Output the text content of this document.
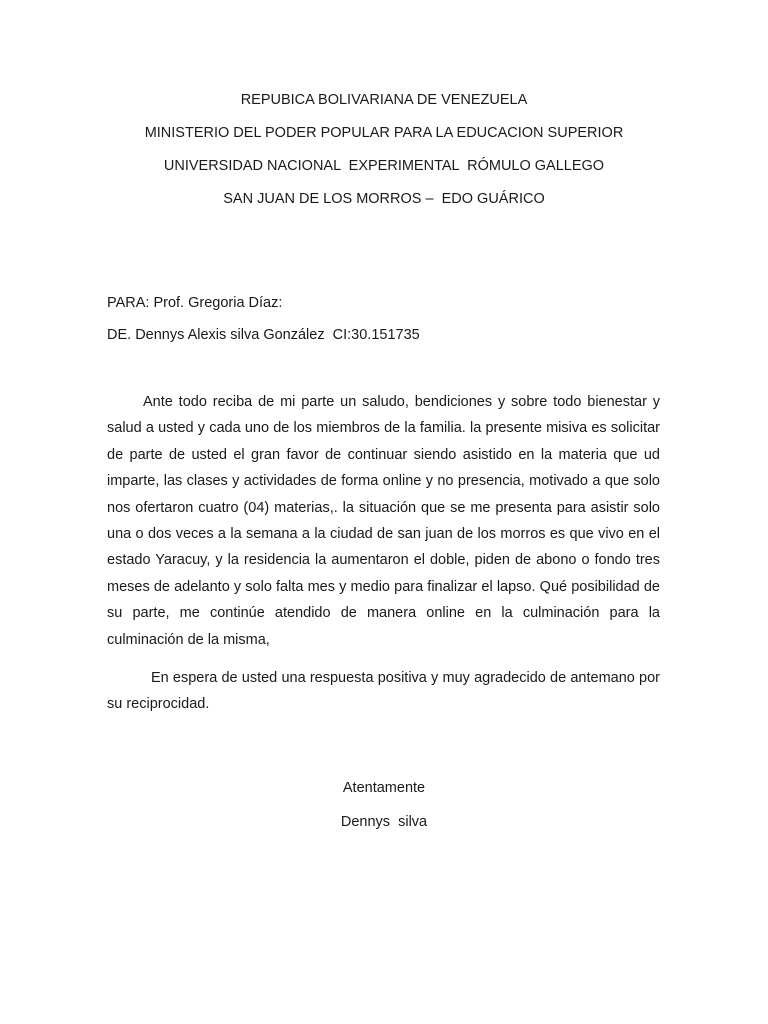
REPUBICA BOLIVARIANA DE VENEZUELA
MINISTERIO DEL PODER POPULAR PARA LA EDUCACION SUPERIOR
UNIVERSIDAD NACIONAL  EXPERIMENTAL  RÓMULO GALLEGO
SAN JUAN DE LOS MORROS –  EDO GUÁRICO
PARA: Prof. Gregoria Díaz:
DE. Dennys Alexis silva González  CI:30.151735

Ante todo reciba de mi parte un saludo, bendiciones y sobre todo bienestar y salud a usted y cada uno de los miembros de la familia. la presente misiva es solicitar de parte de usted el gran favor de continuar siendo asistido en la materia que ud imparte, las clases y actividades de forma online y no presencia, motivado a que solo nos ofertaron cuatro (04) materias,. la situación que se me presenta para asistir solo una o dos veces a la semana a la ciudad de san juan de los morros es que vivo en el estado Yaracuy, y la residencia la aumentaron el doble, piden de abono o fondo tres meses de adelanto y solo falta mes y medio para finalizar el lapso. Qué posibilidad de su parte, me continúe atendido de manera online en la culminación para la culminación de la misma,

En espera de usted una respuesta positiva y muy agradecido de antemano por su reciprocidad.

Atentamente
Dennys  silva
